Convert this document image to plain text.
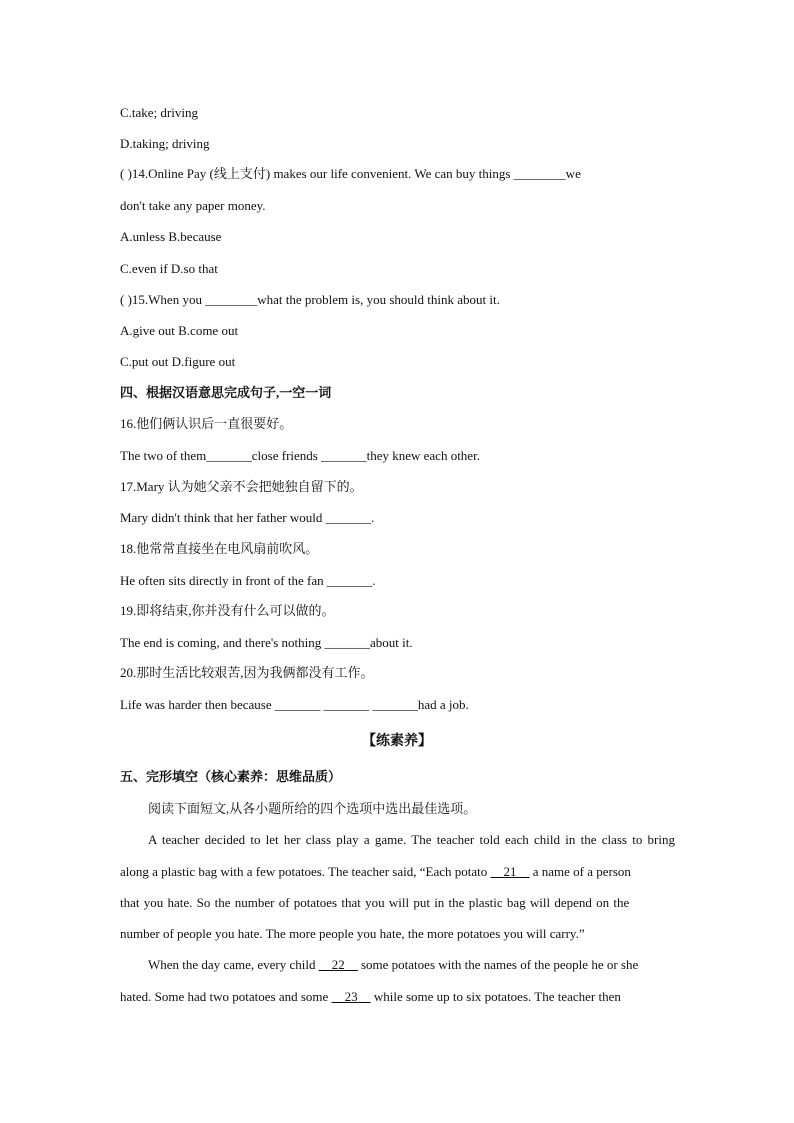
C.take; driving
D.taking; driving
( )14.Online Pay (线上支付) makes our life convenient. We can buy things ________we
don't take any paper money.
A.unless B.because
C.even if D.so that
( )15.When you ________what the problem is, you should think about it.
A.give out B.come out
C.put out D.figure out
四、根据汉语意思完成句子,一空一词
16.他们俩认识后一直很要好。
The two of them_______close friends _______they knew each other.
17.Mary 认为她父亲不会把她独自留下的。
Mary didn't think that her father would _______.
18.他常常直接坐在电风扇前吹风。
He often sits directly in front of the fan _______.
19.即将结束,你并没有什么可以做的。
The end is coming, and there's nothing _______about it.
20.那时生活比较艰苦,因为我俩都没有工作。
Life was harder then because _______ _______ _______had a job.
【练素养】
五、完形填空（核心素养：思维品质）
阅读下面短文,从各小题所给的四个选项中选出最佳选项。
A teacher decided to let her class play a game. The teacher told each child in the class to bring
along a plastic bag with a few potatoes. The teacher said, “Each potato __21__ a name of a person
that you hate. So the number of potatoes that you will put in the plastic bag will depend on the
number of people you hate. The more people you hate, the more potatoes you will carry.”
When the day came, every child __22__ some potatoes with the names of the people he or she
hated. Some had two potatoes and some __23__ while some up to six potatoes. The teacher then
